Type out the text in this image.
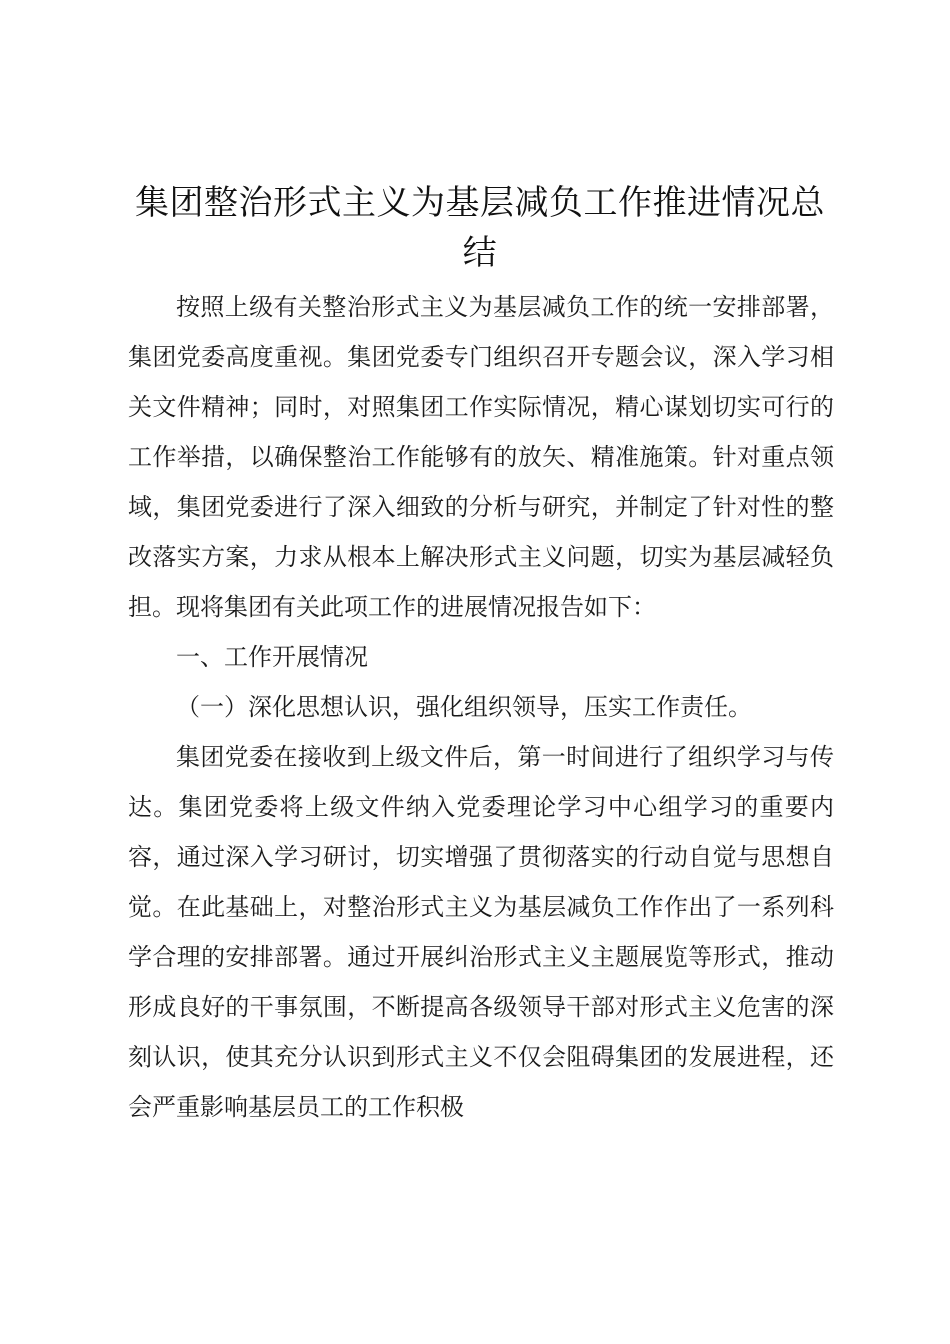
集团整治形式主义为基层减负工作推进情况总结

按照上级有关整治形式主义为基层减负工作的统一安排部署，集团党委高度重视。集团党委专门组织召开专题会议，深入学习相关文件精神；同时，对照集团工作实际情况，精心谋划切实可行的工作举措，以确保整治工作能够有的放矢、精准施策。针对重点领域，集团党委进行了深入细致的分析与研究，并制定了针对性的整改落实方案，力求从根本上解决形式主义问题，切实为基层减轻负担。现将集团有关此项工作的进展情况报告如下：

一、工作开展情况

（一）深化思想认识，强化组织领导，压实工作责任。

集团党委在接收到上级文件后，第一时间进行了组织学习与传达。集团党委将上级文件纳入党委理论学习中心组学习的重要内容，通过深入学习研讨，切实增强了贯彻落实的行动自觉与思想自觉。在此基础上，对整治形式主义为基层减负工作作出了一系列科学合理的安排部署。通过开展纠治形式主义主题展览等形式，推动形成良好的干事氛围，不断提高各级领导干部对形式主义危害的深刻认识，使其充分认识到形式主义不仅会阻碍集团的发展进程，还会严重影响基层员工的工作积极
